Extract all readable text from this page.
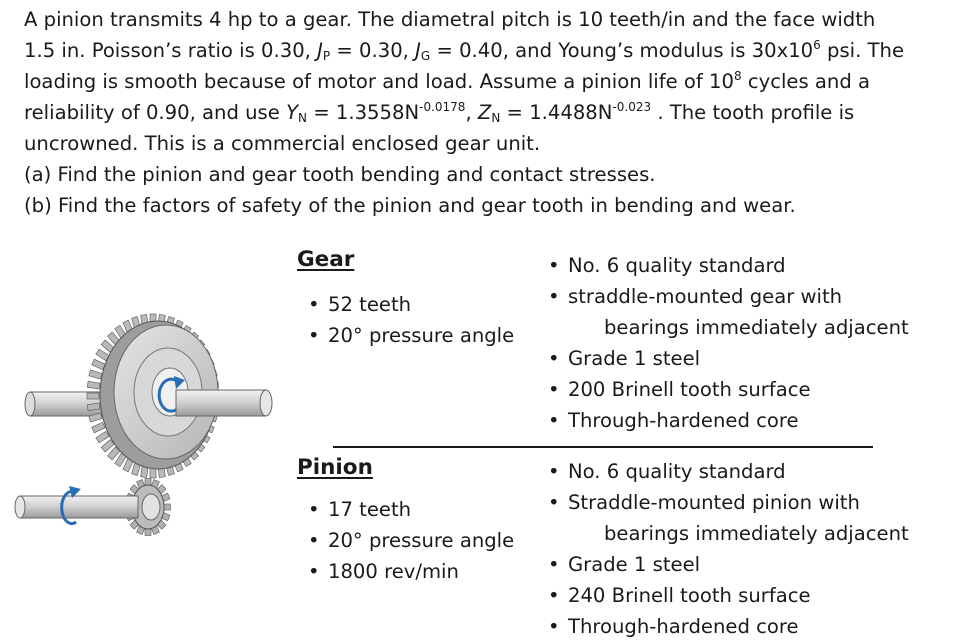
A pinion transmits 4 hp to a gear. The diametral pitch is 10 teeth/in and the face width

1.5 in. Poisson’s ratio is 0.30, $J_P = 0.30$, $J_G = 0.40$, and Young’s modulus is $30x10^6$ psi. The

loading is smooth because of motor and load. Assume a pinion life of $10^8$ cycles and a

reliability of 0.90, and use $Y_N = 1.3558N^{-0.0178}$, $Z_N = 1.4488N^{-0.023}$ . The tooth profile is

uncrowned. This is a commercial enclosed gear unit.

(a) Find the pinion and gear tooth bending and contact stresses.

(b) Find the factors of safety of the pinion and gear tooth in bending and wear.

Gear

• 52 teeth
• 20° pressure angle
• No. 6 quality standard
• straddle-mounted gear with
bearings immediately adjacent
• Grade 1 steel
• 200 Brinell tooth surface
• Through-hardened core

Pinion

• 17 teeth
• 20° pressure angle
• 1800 rev/min
• No. 6 quality standard
• Straddle-mounted pinion with
bearings immediately adjacent
• Grade 1 steel
• 240 Brinell tooth surface
• Through-hardened core
